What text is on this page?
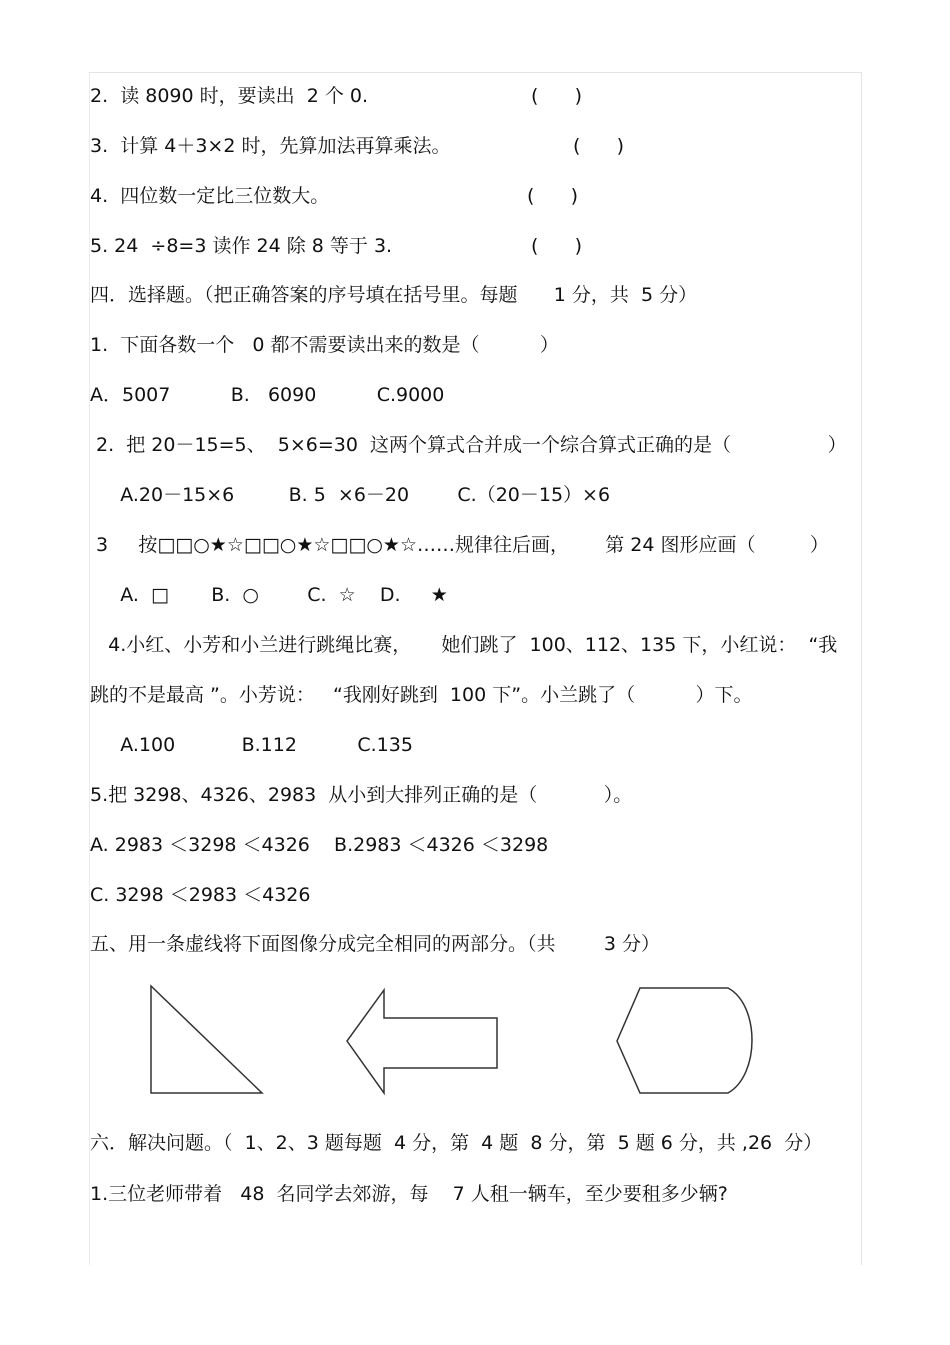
2.  读 8090 时，要读出  2 个 0.	(      )
3.  计算 4＋3×2 时，先算加法再算乘法。	(      )
4.  四位数一定比三位数大。	(      )
5. 24  ÷8=3 读作 24 除 8 等于 3.	(      )
四．选择题。（把正确答案的序号填在括号里。每题      1 分，共  5 分）
1.  下面各数一个   0 都不需要读出来的数是（          ）
A．5007          B.   6090          C.9000
2.  把 20－15=5、  5×6=30  这两个算式合并成一个综合算式正确的是（                ）
A.20－15×6         B. 5  ×6－20        C.（20－15）×6
3     按□□○★☆□□○★☆□□○★☆……规律往后画，      第 24 图形应画（         ）
A.  □       B.  ○        C.  ☆    D.     ★
4.小红、小芳和小兰进行跳绳比赛，     她们跳了  100、112、135 下，小红说：  “我
跳的不是最高 ”。小芳说：   “我刚好跳到  100 下”。小兰跳了（          ）下。
A.100           B.112          C.135
5.把 3298、4326、2983  从小到大排列正确的是（           ）。
A. 2983 ＜3298 ＜4326    B.2983 ＜4326 ＜3298
C. 3298 ＜2983 ＜4326
五、用一条虚线将下面图像分成完全相同的两部分。（共        3 分）
六．解决问题。（  1、2、3 题每题  4 分，第  4 题  8 分，第  5 题 6 分，共 ,26  分）
1.三位老师带着   48  名同学去郊游，每    7 人租一辆车，至少要租多少辆?
